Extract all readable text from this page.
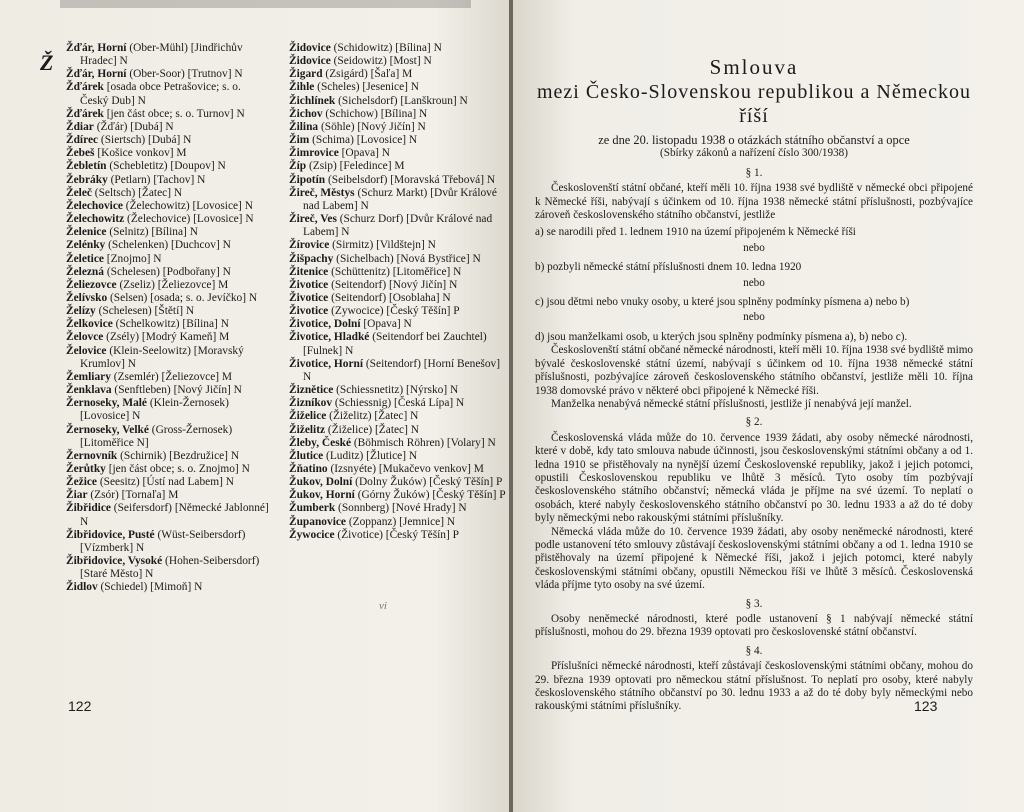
Ž

Žďár, Horní (Ober-Mühl) [Jindřichův Hradec] N

Žďár, Horní (Ober-Soor) [Trutnov] N

Žďárek [osada obce Petrašovice; s. o. Český Dub] N

Žďárek [jen část obce; s. o. Turnov] N

Ždiar (Žďár) [Dubá] N

Ždírec (Siertsch) [Dubá] N

Žebeš [Košice vonkov] M

Žebletín (Schebletitz) [Doupov] N

Žebráky (Petlarn) [Tachov] N

Želeč (Seltsch) [Žatec] N

Želechovice (Želechowitz) [Lovosice] N

Želechowitz (Želechovice) [Lovosice] N

Želenice (Selnitz) [Bílina] N

Zelénky (Schelenken) [Duchcov] N

Želetice [Znojmo] N

Železná (Schelesen) [Podbořany] N

Želiezovce (Zseliz) [Želiezovce] M

Želívsko (Selsen) [osada; s. o. Jevíčko] N

Želízy (Schelesen) [Štětí] N

Želkovice (Schelkowitz) [Bílina] N

Želovce (Zsély) [Modrý Kameň] M

Želovice (Klein-Seelowitz) [Moravský Krumlov] N

Žemliary (Zsemlér) [Želiezovce] M

Ženklava (Senftleben) [Nový Jičín] N

Žernoseky, Malé (Klein-Žernosek) [Lovosice] N

Žernoseky, Velké (Gross-Žernosek) [Litoměřice N]

Žernovník (Schirnik) [Bezdružice] N

Žerůtky [jen část obce; s. o. Znojmo] N

Žežice (Seesitz) [Ústí nad Labem] N

Žiar (Zsór) [Tornaľa] M

Žibřidice (Seifersdorf) [Německé Jablonné] N

Žibřidovice, Pusté (Wüst-Seibersdorf) [Vízmberk] N

Žibřidovice, Vysoké (Hohen-Seibersdorf) [Staré Město] N

Židlov (Schiedel) [Mimoň] N

Židovice (Schidowitz) [Bílina] N

Židovice (Seidowitz) [Most] N

Žigard (Zsigárd) [Šaľa] M

Žihle (Scheles) [Jesenice] N

Žichlínek (Sichelsdorf) [Lanškroun] N

Žichov (Schichow) [Bílina] N

Žilina (Söhle) [Nový Jičín] N

Žim (Schima) [Lovosice] N

Žimrovice [Opava] N

Žíp (Zsip) [Feledince] M

Žipotín (Seibelsdorf) [Moravská Třebová] N

Žireč, Městys (Schurz Markt) [Dvůr Králové nad Labem] N

Žireč, Ves (Schurz Dorf) [Dvůr Králové nad Labem] N

Žírovice (Sirmitz) [Vildštejn] N

Žišpachy (Sichelbach) [Nová Bystřice] N

Žitenice (Schüttenitz) [Litoměřice] N

Životice (Seitendorf) [Nový Jičín] N

Životice (Seitendorf) [Osoblaha] N

Životice (Zywocice) [Český Těšín] P

Životice, Dolní [Opava] N

Životice, Hladké (Seitendorf bei Zauchtel) [Fulnek] N

Životice, Horní (Seitendorf) [Horní Benešov] N

Žiznětice (Schiessnetitz) [Nýrsko] N

Žizníkov (Schiessnig) [Česká Lípa] N

Žiželice (Žiželitz) [Žatec] N

Žiželitz (Žiželice) [Žatec] N

Žleby, České (Böhmisch Röhren) [Volary] N

Žlutice (Luditz) [Žlutice] N

Žňatino (Izsnyéte) [Mukačevo venkov] M

Žukov, Dolní (Dolny Žuków) [Český Těšín] P

Žukov, Horní (Górny Žuków) [Český Těšín] P

Žumberk (Sonnberg) [Nové Hrady] N

Županovice (Zoppanz) [Jemnice] N

Žywocice (Životice) [Český Těšín] P

vi
122

Smlouva

mezi Česko-Slovenskou republikou a Německou říší

ze dne 20. listopadu 1938 o otázkách státního občanství a opce

(Sbírky zákonů a nařízení číslo 300/1938)

§ 1.

Českoslovenští státní občané, kteří měli 10. října 1938 své bydliště v německé obci připojené k Německé říši, nabývají s účinkem od 10. října 1938 německé státní příslušnosti, pozbývajíce zároveň československého státního občanství, jestliže

a) se narodili před 1. lednem 1910 na území připojeném k Německé říši

nebo

b) pozbyli německé státní příslušnosti dnem 10. ledna 1920

nebo

c) jsou dětmi nebo vnuky osoby, u které jsou splněny podmínky písmena a) nebo b)

nebo

d) jsou manželkami osob, u kterých jsou splněny podmínky písmena a), b) nebo c).

Českoslovenští státní občané německé národnosti, kteří měli 10. října 1938 své bydliště mimo bývalé československé státní území, nabývají s účinkem od 10. října 1938 německé státní příslušnosti, pozbývajíce zároveň československého státního občanství, jestliže měli 10. října 1938 domovské právo v některé obci připojené k Německé říši.

Manželka nenabývá německé státní příslušnosti, jestliže jí nenabývá její manžel.

§ 2.

Československá vláda může do 10. července 1939 žádati, aby osoby německé národnosti, které v době, kdy tato smlouva nabude účinnosti, jsou československými státními občany a od 1. ledna 1910 se přistěhovaly na nynější území Československé republiky, jakož i jejich potomci, opustili Československou republiku ve lhůtě 3 měsíců. Tyto osoby tím pozbývají československého státního občanství; německá vláda je příjme na své území. To neplatí o osobách, které nabyly československého státního občanství po 30. lednu 1933 a až do té doby byly německými nebo rakouskými státními příslušníky.

Německá vláda může do 10. července 1939 žádati, aby osoby neněmecké národnosti, které podle ustanovení této smlouvy zůstávají československými státními občany a od 1. ledna 1910 se přistěhovaly na území připojené k Německé říši, jakož i jejich potomci, které nabyly československými státními občany, opustili Německou říši ve lhůtě 3 měsíců. Československá vláda příjme tyto osoby na své území.

§ 3.

Osoby neněmecké národnosti, které podle ustanovení § 1 nabývají německé státní příslušnosti, mohou do 29. března 1939 optovati pro československé státní občanství.

§ 4.

Příslušníci německé národnosti, kteří zůstávají československými státními občany, mohou do 29. března 1939 optovati pro německou státní příslušnost. To neplatí pro osoby, které nabyly československého státního občanství po 30. lednu 1933 a až do té doby byly německými nebo rakouskými státními příslušníky.	123
